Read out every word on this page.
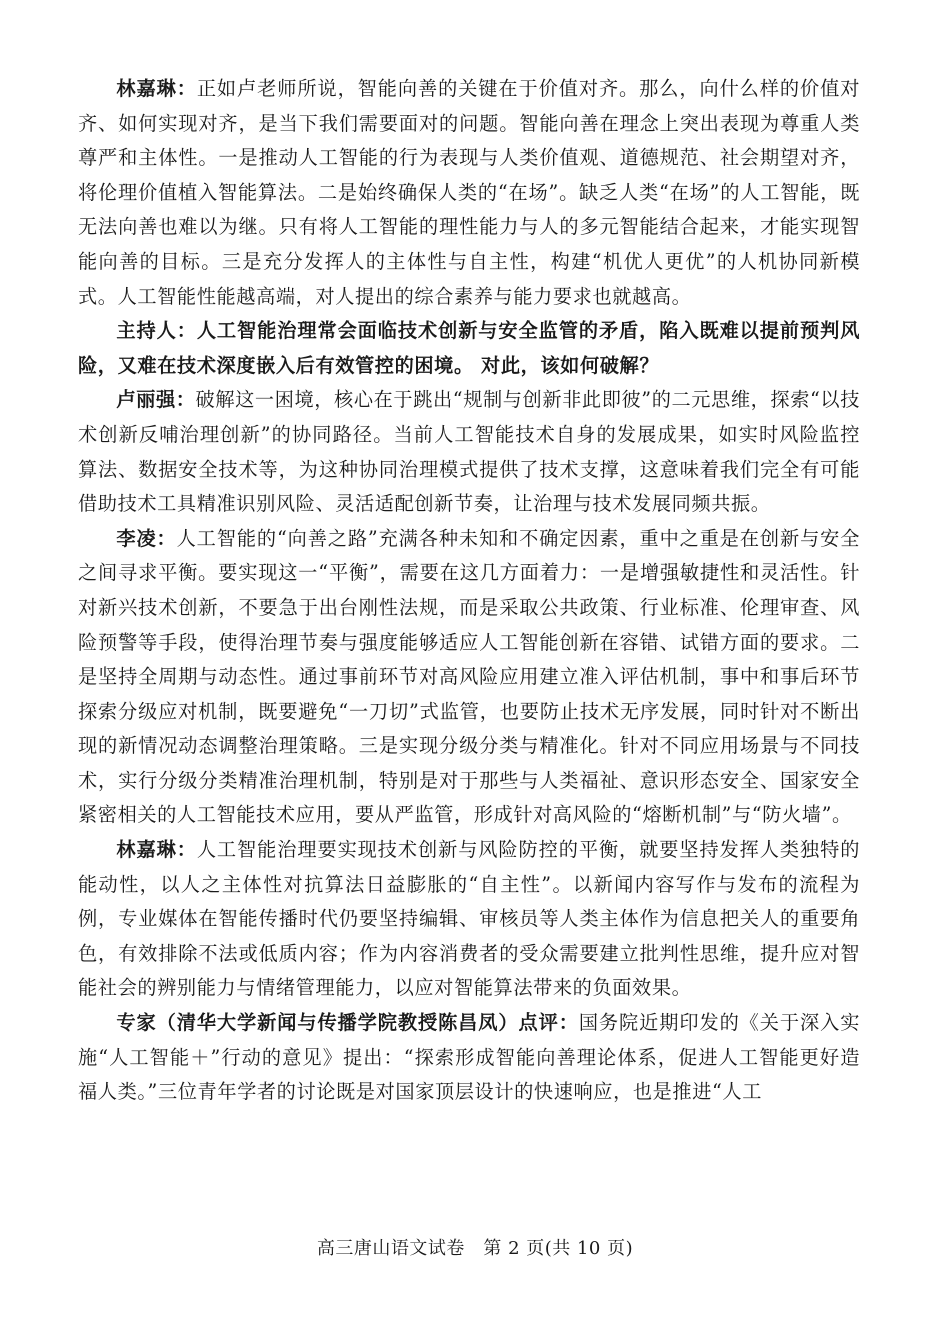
林嘉琳：正如卢老师所说，智能向善的关键在于价值对齐。那么，向什么样的价值对齐、如何实现对齐，是当下我们需要面对的问题。智能向善在理念上突出表现为尊重人类尊严和主体性。一是推动人工智能的行为表现与人类价值观、道德规范、社会期望对齐，将伦理价值植入智能算法。二是始终确保人类的“在场”。缺乏人类“在场”的人工智能，既无法向善也难以为继。只有将人工智能的理性能力与人的多元智能结合起来，才能实现智能向善的目标。三是充分发挥人的主体性与自主性，构建“机优人更优”的人机协同新模式。人工智能性能越高端，对人提出的综合素养与能力要求也就越高。

主持人：人工智能治理常会面临技术创新与安全监管的矛盾，陷入既难以提前预判风险，又难在技术深度嵌入后有效管控的困境。 对此，该如何破解？

卢丽强：破解这一困境，核心在于跳出“规制与创新非此即彼”的二元思维，探索“以技术创新反哺治理创新”的协同路径。当前人工智能技术自身的发展成果，如实时风险监控算法、数据安全技术等，为这种协同治理模式提供了技术支撑，这意味着我们完全有可能借助技术工具精准识别风险、灵活适配创新节奏，让治理与技术发展同频共振。

李凌：人工智能的“向善之路”充满各种未知和不确定因素，重中之重是在创新与安全之间寻求平衡。要实现这一“平衡”，需要在这几方面着力：一是增强敏捷性和灵活性。针对新兴技术创新，不要急于出台刚性法规，而是采取公共政策、行业标准、伦理审查、风险预警等手段，使得治理节奏与强度能够适应人工智能创新在容错、试错方面的要求。二是坚持全周期与动态性。通过事前环节对高风险应用建立准入评估机制，事中和事后环节探索分级应对机制，既要避免“一刀切”式监管，也要防止技术无序发展，同时针对不断出现的新情况动态调整治理策略。三是实现分级分类与精准化。针对不同应用场景与不同技术，实行分级分类精准治理机制，特别是对于那些与人类福祉、意识形态安全、国家安全紧密相关的人工智能技术应用，要从严监管，形成针对高风险的“熔断机制”与“防火墙”。

林嘉琳：人工智能治理要实现技术创新与风险防控的平衡，就要坚持发挥人类独特的能动性，以人之主体性对抗算法日益膨胀的“自主性”。以新闻内容写作与发布的流程为例，专业媒体在智能传播时代仍要坚持编辑、审核员等人类主体作为信息把关人的重要角色，有效排除不法或低质内容；作为内容消费者的受众需要建立批判性思维，提升应对智能社会的辨别能力与情绪管理能力，以应对智能算法带来的负面效果。

专家（清华大学新闻与传播学院教授陈昌凤）点评：国务院近期印发的《关于深入实施“人工智能＋”行动的意见》提出：“探索形成智能向善理论体系，促进人工智能更好造福人类。”三位青年学者的讨论既是对国家顶层设计的快速响应，也是推进“人工

高三唐山语文试卷　第 2 页(共 10 页)
